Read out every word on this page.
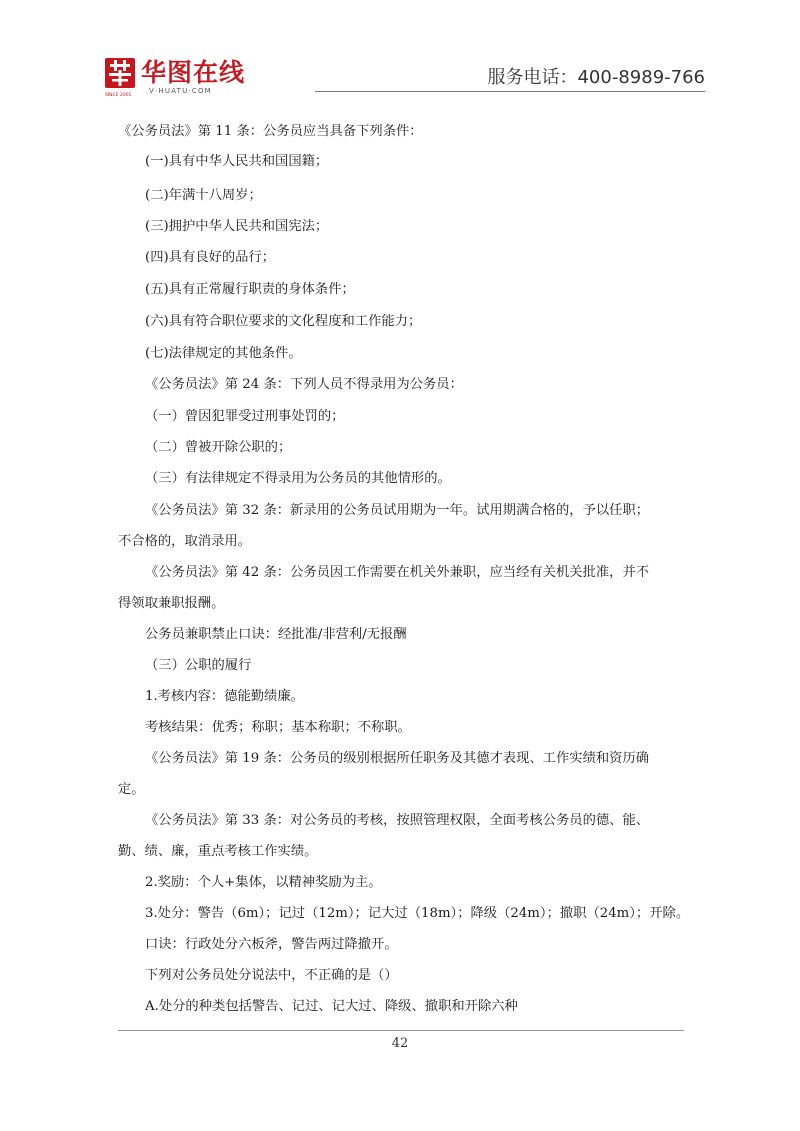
华图在线
V·HUATU·COM
SINCE 2001
服务电话：400-8989-766
《公务员法》第 11 条：公务员应当具备下列条件：
(一)具有中华人民共和国国籍；
(二)年满十八周岁；
(三)拥护中华人民共和国宪法；
(四)具有良好的品行；
(五)具有正常履行职责的身体条件；
(六)具有符合职位要求的文化程度和工作能力；
(七)法律规定的其他条件。
《公务员法》第 24 条：下列人员不得录用为公务员：
（一）曾因犯罪受过刑事处罚的；
（二）曾被开除公职的；
（三）有法律规定不得录用为公务员的其他情形的。
《公务员法》第 32 条：新录用的公务员试用期为一年。试用期满合格的，予以任职；
不合格的，取消录用。
《公务员法》第 42 条：公务员因工作需要在机关外兼职，应当经有关机关批准，并不
得领取兼职报酬。
公务员兼职禁止口诀：经批准/非营利/无报酬
（三）公职的履行
1.考核内容：德能勤绩廉。
考核结果：优秀；称职；基本称职；不称职。
《公务员法》第 19 条：公务员的级别根据所任职务及其德才表现、工作实绩和资历确
定。
《公务员法》第 33 条：对公务员的考核，按照管理权限，全面考核公务员的德、能、
勤、绩、廉，重点考核工作实绩。
2.奖励：个人+集体，以精神奖励为主。
3.处分：警告（6m）；记过（12m）；记大过（18m）；降级（24m）；撤职（24m）；开除。
口诀：行政处分六板斧，警告两过降撤开。
下列对公务员处分说法中，不正确的是（）
A.处分的种类包括警告、记过、记大过、降级、撤职和开除六种
42
